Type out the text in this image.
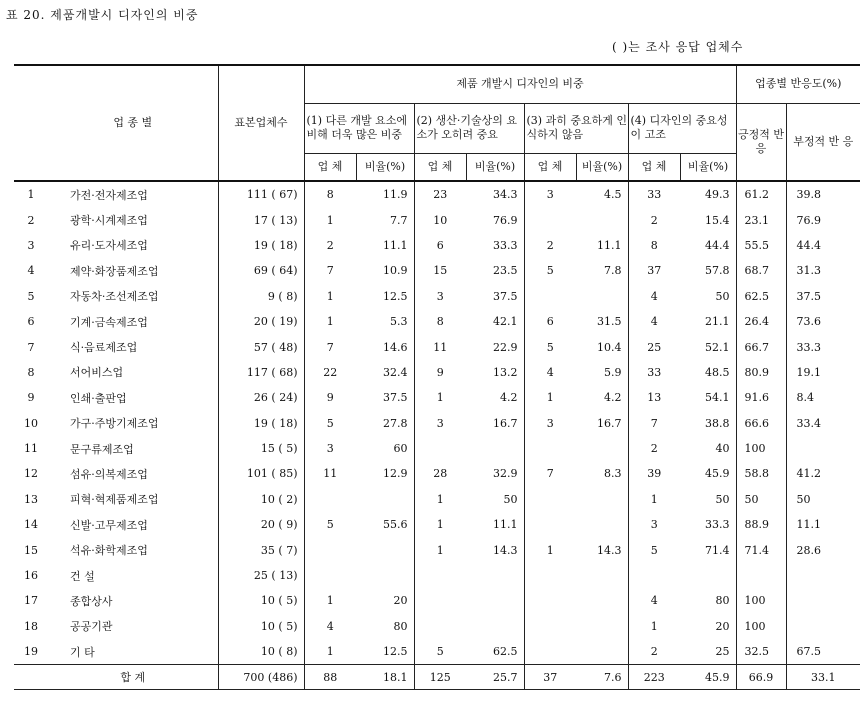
표 20. 제품개발시 디자인의 비중
( )는 조사 응답 업체수
	업 종 별	표본업체수	제품 개발시 디자인의 비중								업종별 반응도(%)	
			(1) 다른 개발 요소에 비해 더욱 많은 비중		(2) 생산·기술상의 요소가 오히려 중요		(3) 과히 중요하게 인식하지 않음		(4) 디자인의 중요성이 고조		긍정적 반 응	부정적 반 응
			업 체	비율(%)	업 체	비율(%)	업 체	비율(%)	업 체	비율(%)		
1	가전·전자제조업	111 ( 67)	8	11.9	23	34.3	3	4.5	33	49.3	61.2	39.8
2	광학·시계제조업	17 ( 13)	1	7.7	10	76.9			2	15.4	23.1	76.9
3	유리·도자세조업	19 ( 18)	2	11.1	6	33.3	2	11.1	8	44.4	55.5	44.4
4	제약·화장품제조업	69 ( 64)	7	10.9	15	23.5	5	7.8	37	57.8	68.7	31.3
5	자동차·조선제조업	9 ( 8)	1	12.5	3	37.5			4	50	62.5	37.5
6	기계·금속제조업	20 ( 19)	1	5.3	8	42.1	6	31.5	4	21.1	26.4	73.6
7	식·음료제조업	57 ( 48)	7	14.6	11	22.9	5	10.4	25	52.1	66.7	33.3
8	서어비스업	117 ( 68)	22	32.4	9	13.2	4	5.9	33	48.5	80.9	19.1
9	인쇄·출판업	26 ( 24)	9	37.5	1	4.2	1	4.2	13	54.1	91.6	8.4
10	가구·주방기제조업	19 ( 18)	5	27.8	3	16.7	3	16.7	7	38.8	66.6	33.4
11	문구류제조업	15 ( 5)	3	60					2	40	100	
12	섬유·의복제조업	101 ( 85)	11	12.9	28	32.9	7	8.3	39	45.9	58.8	41.2
13	피혁·혁제품제조업	10 ( 2)			1	50			1	50	50	50
14	신발·고무제조업	20 ( 9)	5	55.6	1	11.1			3	33.3	88.9	11.1
15	석유·화학제조업	35 ( 7)			1	14.3	1	14.3	5	71.4	71.4	28.6
16	건 설	25 ( 13)										
17	종합상사	10 ( 5)	1	20					4	80	100	
18	공공기관	10 ( 5)	4	80					1	20	100	
19	기 타	10 ( 8)	1	12.5	5	62.5			2	25	32.5	67.5
	합 계	700 (486)	88	18.1	125	25.7	37	7.6	223	45.9	66.9	33.1
